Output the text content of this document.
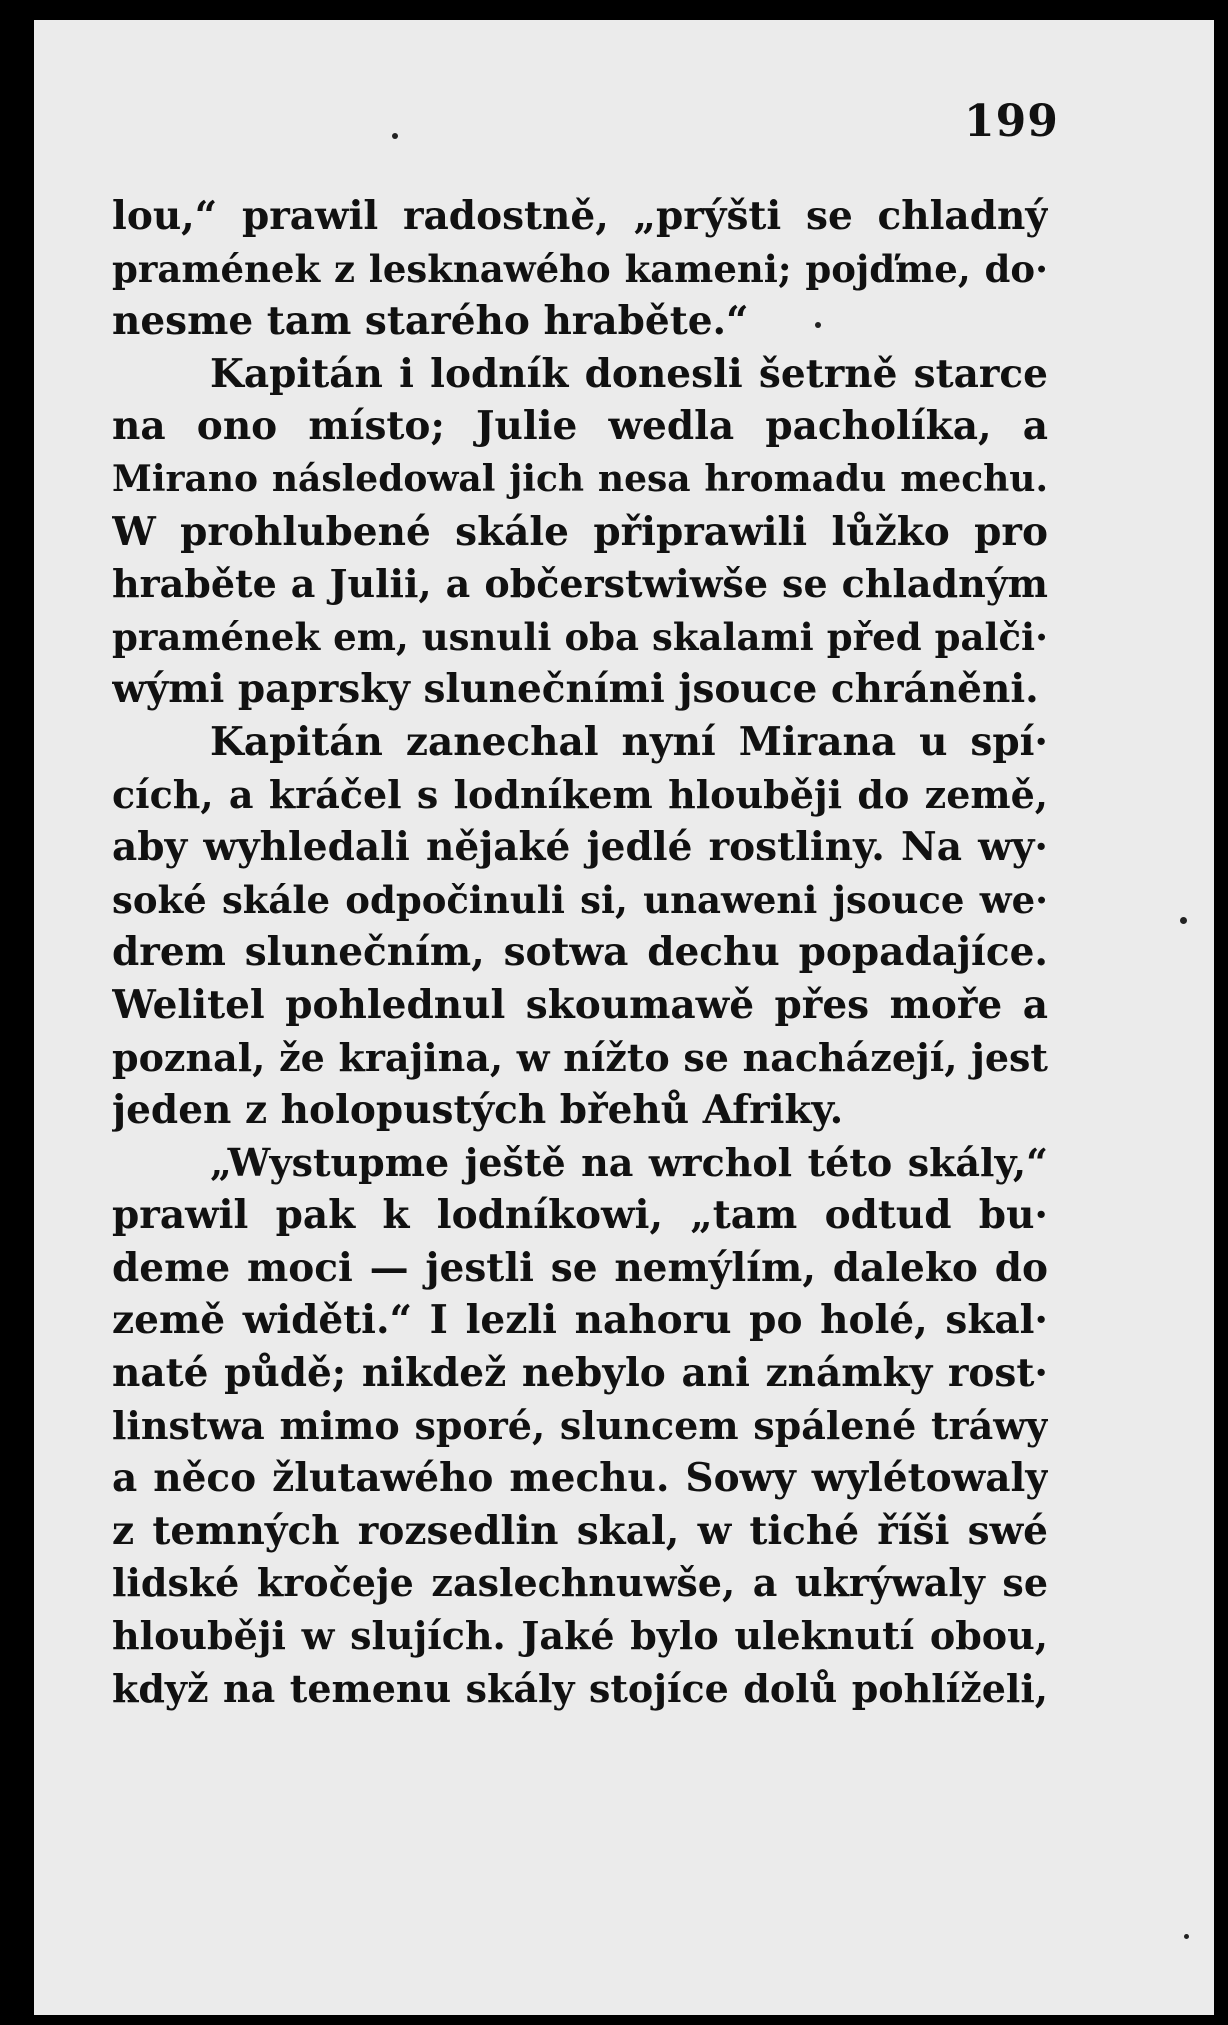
199
lou,“ prawil radostně, „prýšti se chladný
pramének z lesknawého kameni; pojďme, do·
nesme tam starého hraběte.“
Kapitán i lodník donesli šetrně starce
na ono místo; Julie wedla pacholíka, a
Mirano následowal jich nesa hromadu mechu.
W prohlubené skále připrawili lůžko pro
hraběte a Julii, a občerstwiwše se chladným
pramének em, usnuli oba skalami před palči·
wými paprsky slunečními jsouce chráněni.
Kapitán zanechal nyní Mirana u spí·
cích, a kráčel s lodníkem hlouběji do země,
aby wyhledali nějaké jedlé rostliny. Na wy·
soké skále odpočinuli si, unaweni jsouce we·
drem slunečním, sotwa dechu popadajíce.
Welitel pohlednul skoumawě přes moře a
poznal, že krajina, w nížto se nacházejí, jest
jeden z holopustých břehů Afriky.
„Wystupme ještě na wrchol této skály,“
prawil pak k lodníkowi, „tam odtud bu·
deme moci — jestli se nemýlím, daleko do
země widěti.“ I lezli nahoru po holé, skal·
naté půdě; nikdež nebylo ani známky rost·
linstwa mimo sporé, sluncem spálené tráwy
a něco žlutawého mechu. Sowy wylétowaly
z temných rozsedlin skal, w tiché říši swé
lidské kročeje zaslechnuwše, a ukrýwaly se
hlouběji w slujích. Jaké bylo uleknutí obou,
když na temenu skály stojíce dolů pohlíželi,
